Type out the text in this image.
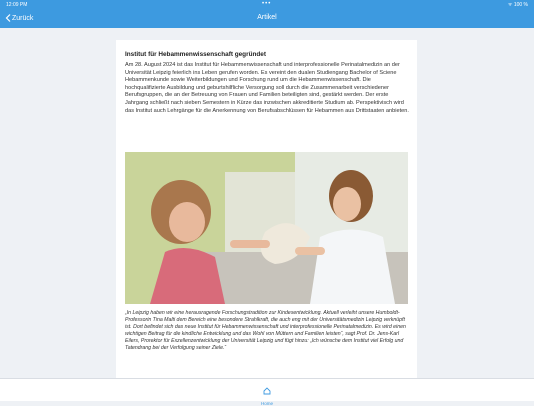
12:09 PM	•••	ᯤ 100 %
Zurück	Artikel
Institut für Hebammenwissenschaft gegründet

Am 28. August 2024 ist das Institut für Hebammenwissenschaft und interprofessionelle Perinatalmedizin an der Universität Leipzig feierlich ins Leben gerufen worden. Es vereint den dualen Studiengang Bachelor of Sciene Hebammenkunde sowie Weiterbildungen und Forschung rund um die Hebammenwissenschaft. Die hochqualifizierte Ausbildung und geburtshilfliche Versorgung soll durch die Zusammenarbeit verschiedener Berufsgruppen, die an der Betreuung von Frauen und Familien beteiligten sind, gestärkt werden. Der erste Jahrgang schließt nach sieben Semestern in Kürze das inzwischen akkreditierte Studium ab. Perspektivisch wird das Institut auch Lehrgänge für die Anerkennung von Berufsabschlüssen für Hebammen aus Drittstaaten anbieten.

„In Leipzig haben wir eine herausragende Forschungstradition zur Kindesentwicklung. Aktuell verleiht unsere Humboldt-Professorin Tina Malti dem Bereich eine besondere Strahlkraft, die auch eng mit der Universitätsmedizin Leipzig verknüpft ist. Dort befindet sich das neue Institut für Hebammenwissenschaft und interprofessionelle Perinatalmedizin. Es wird einen wichtigen Beitrag für die kindliche Entwicklung und das Wohl von Müttern und Familien leisten“, sagt Prof. Dr. Jens-Karl Eilers, Prorektor für Exzellenzentwicklung der Universität Leipzig und fügt hinzu: „Ich wünsche dem Institut viel Erfolg und Tatendrang bei der Verfolgung seiner Ziele.“

Home
